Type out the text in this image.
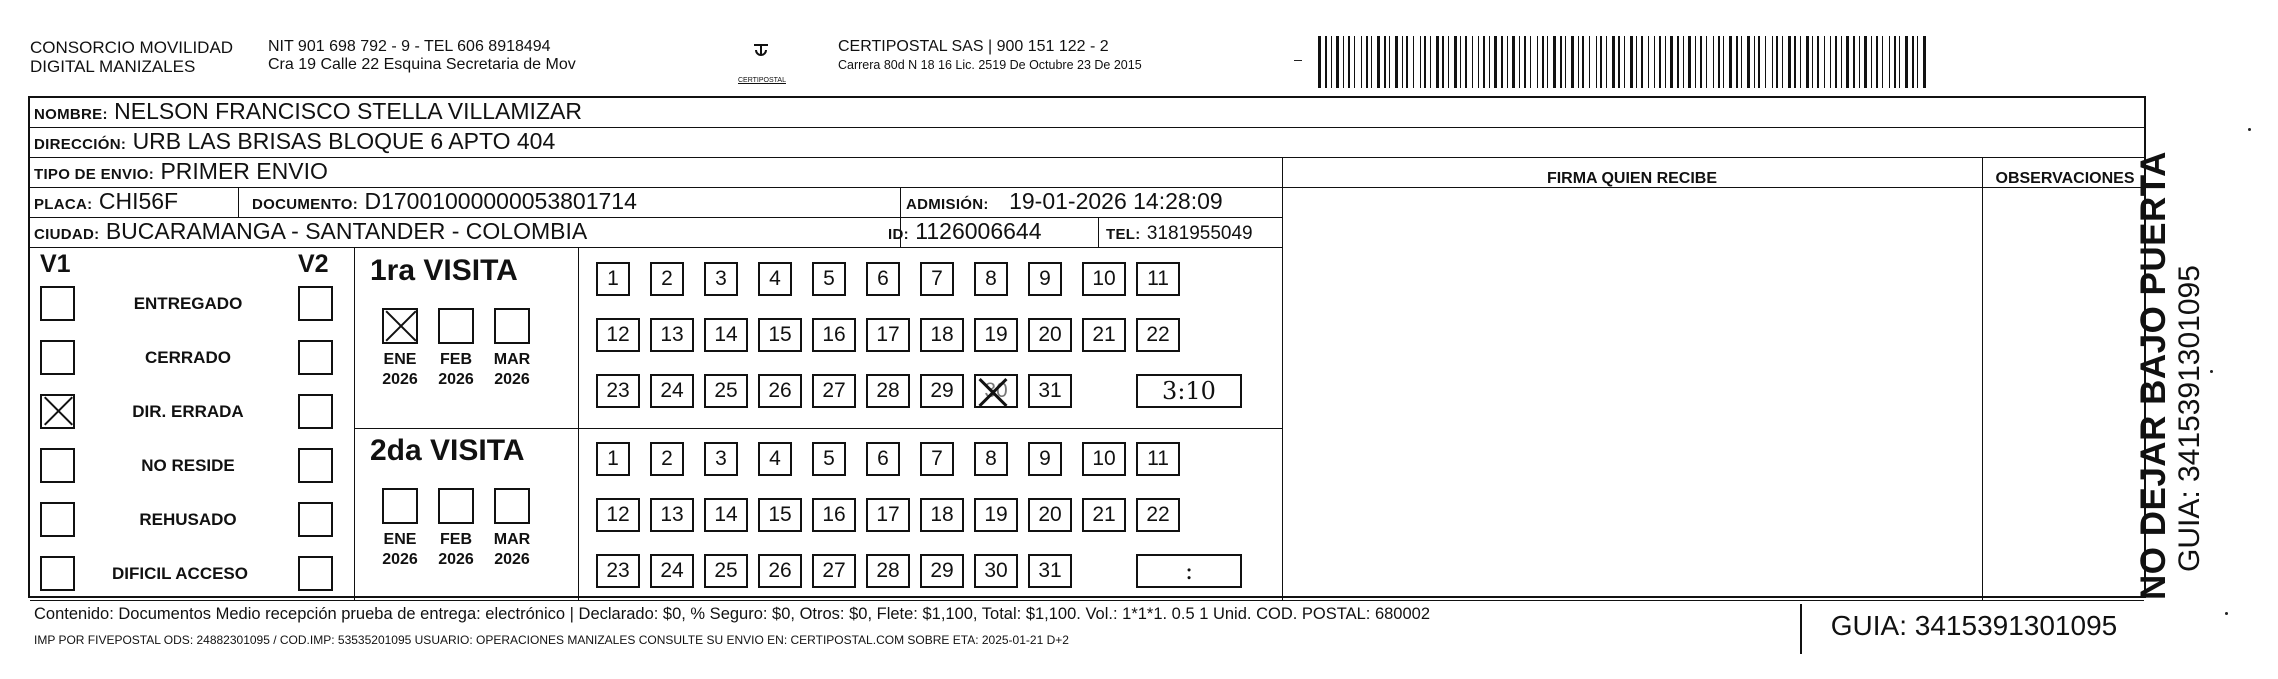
CONSORCIO MOVILIDAD
DIGITAL MANIZALES
NIT 901 698 792 - 9 - TEL 606 8918494
Cra 19 Calle 22 Esquina Secretaria de Mov
CERTIPOSTAL
CERTIPOSTAL SAS | 900 151 122 - 2
Carrera 80d N 18 16 Lic. 2519 De Octubre 23 De 2015
NOMBRE: NELSON FRANCISCO STELLA VILLAMIZAR
DIRECCIÓN: URB LAS BRISAS BLOQUE 6 APTO 404
TIPO DE ENVIO: PRIMER ENVIO	FIRMA QUIEN RECIBE	OBSERVACIONES
PLACA: CHI56F	DOCUMENTO: D17001000000053801714	ADMISIÓN: 19-01-2026 14:28:09
CIUDAD: BUCARAMANGA - SANTANDER - COLOMBIA	ID: 1126006644	TEL: 3181955049
V1	V2
ENTREGADO
CERRADO
DIR. ERRADA
NO RESIDE
REHUSADO
DIFICIL ACCESO
1ra VISITA
ENE
2026
FEB
2026
MAR
2026
1	2	3	4	5	6	7	8	9	10	11
12	13	14	15	16	17	18	19	20	21	22
23	24	25	26	27	28	29	30	31	3:10
2da VISITA
ENE
2026
FEB
2026
MAR
2026
1	2	3	4	5	6	7	8	9	10	11
12	13	14	15	16	17	18	19	20	21	22
23	24	25	26	27	28	29	30	31	:
Contenido: Documentos Medio recepción prueba de entrega: electrónico | Declarado: $0, % Seguro: $0, Otros: $0, Flete: $1,100, Total: $1,100. Vol.: 1*1*1. 0.5 1 Unid. COD. POSTAL: 680002
IMP POR FIVEPOSTAL ODS: 24882301095 / COD.IMP: 53535201095 USUARIO: OPERACIONES MANIZALES CONSULTE SU ENVIO EN: CERTIPOSTAL.COM SOBRE ETA: 2025-01-21 D+2	GUIA: 3415391301095
NO DEJAR BAJO PUERTA GUIA: 3415391301095
